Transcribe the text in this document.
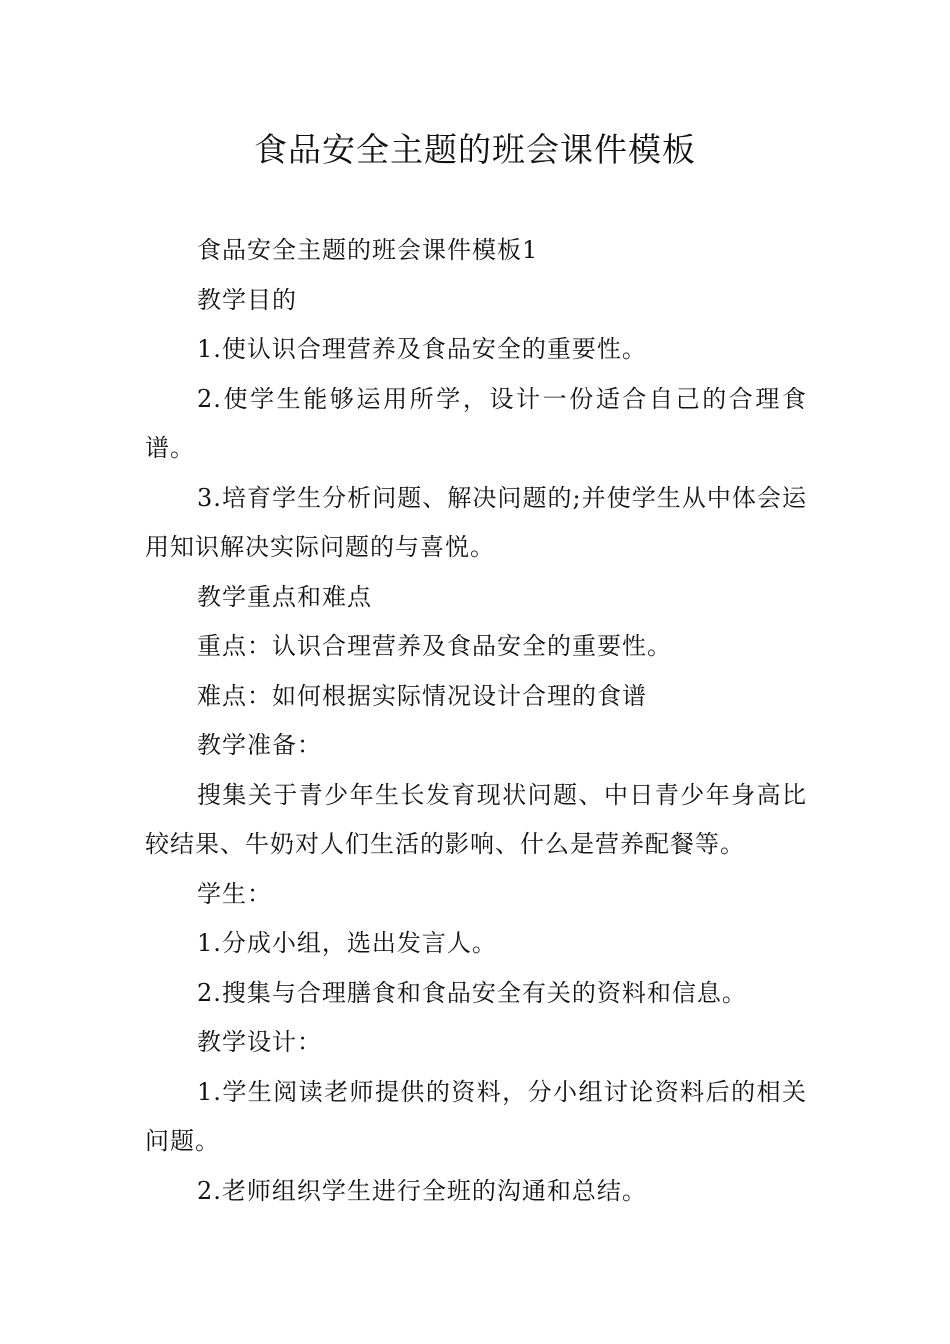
食品安全主题的班会课件模板

食品安全主题的班会课件模板1

教学目的

1.使认识合理营养及食品安全的重要性。

2.使学生能够运用所学，设计一份适合自己的合理食谱。

3.培育学生分析问题、解决问题的;并使学生从中体会运用知识解决实际问题的与喜悦。

教学重点和难点

重点：认识合理营养及食品安全的重要性。

难点：如何根据实际情况设计合理的食谱

教学准备：

搜集关于青少年生长发育现状问题、中日青少年身高比较结果、牛奶对人们生活的影响、什么是营养配餐等。

学生：

1.分成小组，选出发言人。

2.搜集与合理膳食和食品安全有关的资料和信息。

教学设计：

1.学生阅读老师提供的资料，分小组讨论资料后的相关问题。

2.老师组织学生进行全班的沟通和总结。
